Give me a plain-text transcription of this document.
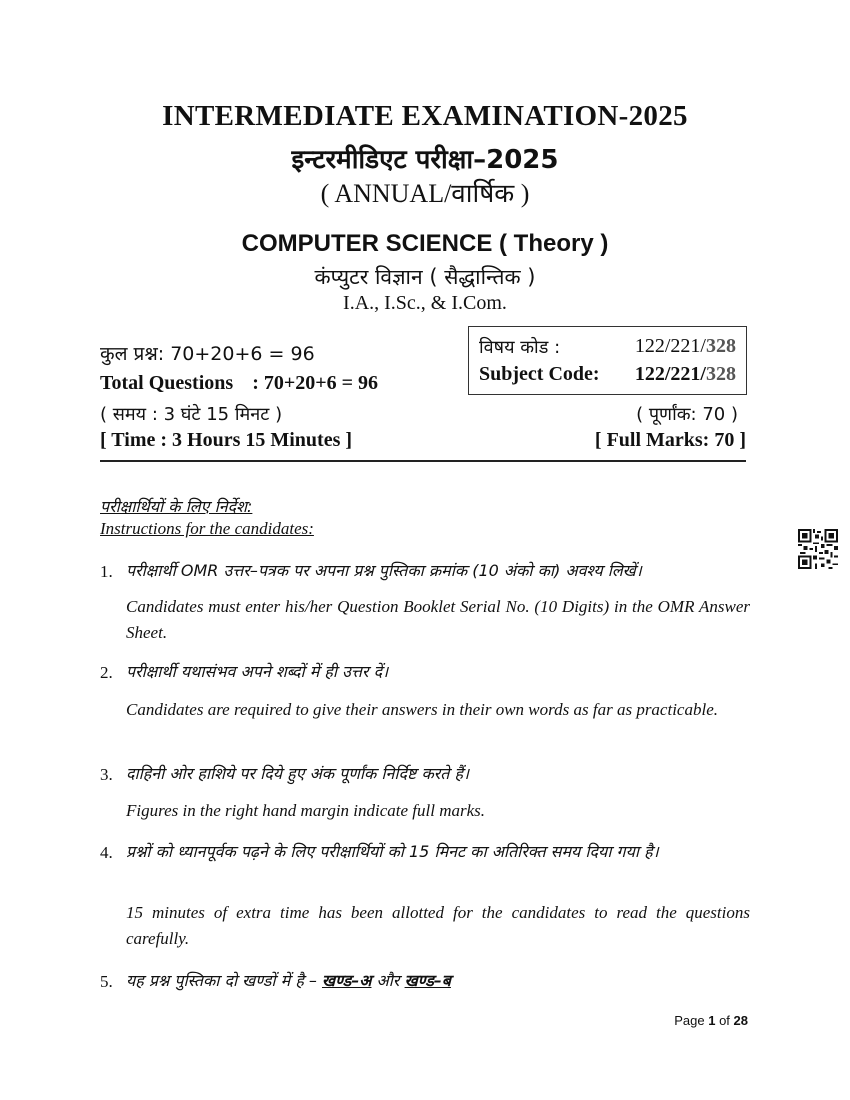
INTERMEDIATE EXAMINATION-2025
इन्टरमीडिएट परीक्षा–2025
( ANNUAL/वार्षिक )
COMPUTER SCIENCE ( Theory )
कंप्युटर विज्ञान ( सैद्धान्तिक )
I.A., I.Sc., & I.Com.
कुल प्रश्न: 70+20+6 = 96
Total Questions : 70+20+6 = 96
( समय : 3 घंटे 15 मिनट )
[ Time : 3 Hours 15 Minutes ]
विषय कोड :	122/221/328
Subject Code: 122/221/328
( पूर्णांक: 70 )
[ Full Marks: 70 ]
परीक्षार्थियों के लिए निर्देश:
Instructions for the candidates:
1. परीक्षार्थी OMR उत्तर–पत्रक पर अपना प्रश्न पुस्तिका क्रमांक (10 अंको का) अवश्य लिखें।
Candidates must enter his/her Question Booklet Serial No. (10 Digits) in the OMR Answer Sheet.
2. परीक्षार्थी यथासंभव अपने शब्दों में ही उत्तर दें।
Candidates are required to give their answers in their own words as far as practicable.
3. दाहिनी ओर हाशिये पर दिये हुए अंक पूर्णांक निर्दिष्ट करते हैं।
Figures in the right hand margin indicate full marks.
4. प्रश्नों को ध्यानपूर्वक पढ़ने के लिए परीक्षार्थियों को 15 मिनट का अतिरिक्त समय दिया गया है।
15 minutes of extra time has been allotted for the candidates to read the questions carefully.
5. यह प्रश्न पुस्तिका दो खण्डों में है – खण्ड–अ और खण्ड–ब
Page 1 of 28
